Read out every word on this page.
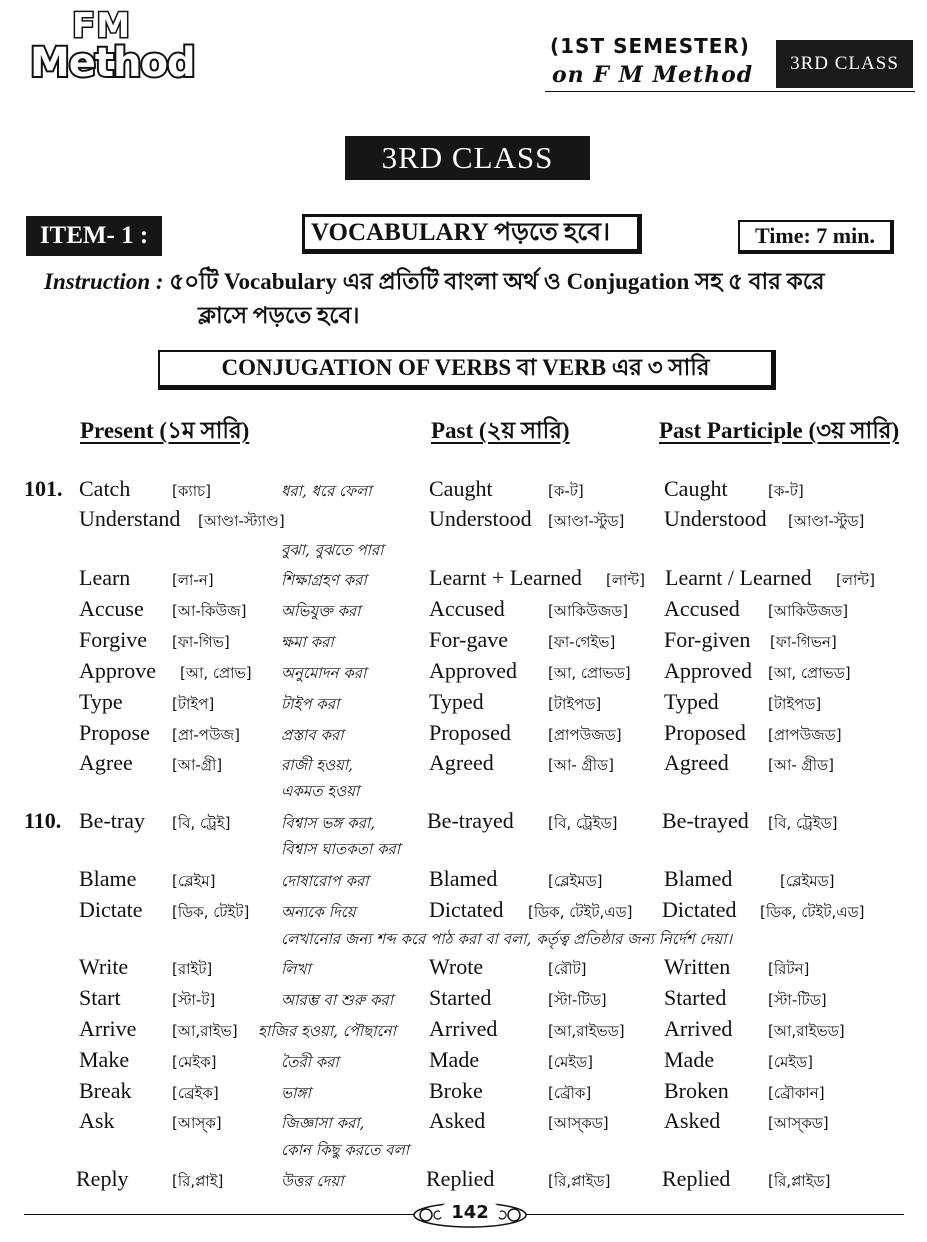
FM
Method	(1ST SEMESTER)
on F M Method	3RD CLASS
3RD CLASS
ITEM- 1 :	VOCABULARY পড়তে হবে।	Time: 7 min.
Instruction : ৫০টি Vocabulary এর প্রতিটি বাংলা অর্থ ও Conjugation সহ ৫ বার করে
ক্লাসে পড়তে হবে।
CONJUGATION OF VERBS বা VERB এর ৩ সারি
Present (১ম সারি)	Past (২য় সারি)	Past Participle (৩য় সারি)
101. Catch	[ক্যাচ]	ধরা, ধরে ফেলা	Caught	[ক-ট]	Caught	[ক-ট]
Understand [আণ্ডা-স্ট্যাণ্ড]	Understood [আণ্ডা-স্টুড] Understood [আণ্ডা-স্টুড]
বুঝা, বুঝতে পারা
Learn	[লা-ন]	শিক্ষাগ্রহণ করা	Learnt + Learned [লান্ট] Learnt / Learned [লান্ট]
Accuse [আ-কিউজ] অভিযুক্ত করা	Accused	[আকিউজড] Accused [আকিউজড]
Forgive [ফা-গিভ]	ক্ষমা করা	For-gave	[ফা-গেইভ] For-given [ফা-গিভন]
Approve [আ, প্রোভ] অনুমোদন করা	Approved [আ, প্রোভড] Approved [আ, প্রোভড]
Type	[টাইপ]	টাইপ করা	Typed	[টাইপড]	Typed	[টাইপড]
Propose [প্রা-পউজ]	প্রস্তাব করা	Proposed [প্রাপউজড] Proposed [প্রাপউজড]
Agree	[আ-গ্রী]	রাজী হওয়া,	Agreed	[আ- গ্রীড] Agreed	[আ- গ্রীড]
একমত হওয়া
110. Be-tray [বি, ট্রেই]	বিশ্বাস ভঙ্গ করা, Be-trayed [বি, ট্রেইড] Be-trayed [বি, ট্রেইড]
বিশ্বাস ঘাতকতা করা
Blame [ব্লেইম]	দোষারোপ করা	Blamed	[ব্লেইমড]	Blamed	[ব্লেইমড]
Dictate [ডিক, টেইট] অন্যকে দিয়ে	Dictated [ডিক, টেইট,এড] Dictated [ডিক, টেইট,এড]
লেখানোর জন্য শব্দ করে পাঠ করা বা বলা, কর্তৃত্ব প্রতিষ্ঠার জন্য নির্দেশ দেয়া।
Write	[রাইট]	লিখা	Wrote	[রৌট]	Written	[রিটন]
Start	[স্টা-ট]	আরম্ভ বা শুরু করা Started	[স্টা-টিড]	Started	[স্টা-টিড]
Arrive [আ,রাইভ] হাজির হওয়া, পৌছানো Arrived	[আ,রাইভড] Arrived [আ,রাইভড]
Make	[মেইক]	তৈরী করা	Made	[মেইড]	Made	[মেইড]
Break	[ব্রেইক]	ভাঙ্গা	Broke	[ব্রৌক]	Broken	[ব্রৌকান]
Ask	[আস্‌ক]	জিজ্ঞাসা করা,	Asked	[আস্‌কড]	Asked	[আস্‌কড]
কোন কিছু করতে বলা
Reply	[রি,প্লাই]	উত্তর দেয়া	Replied	[রি,প্লাইড] Replied	[রি,প্লাইড]
142
